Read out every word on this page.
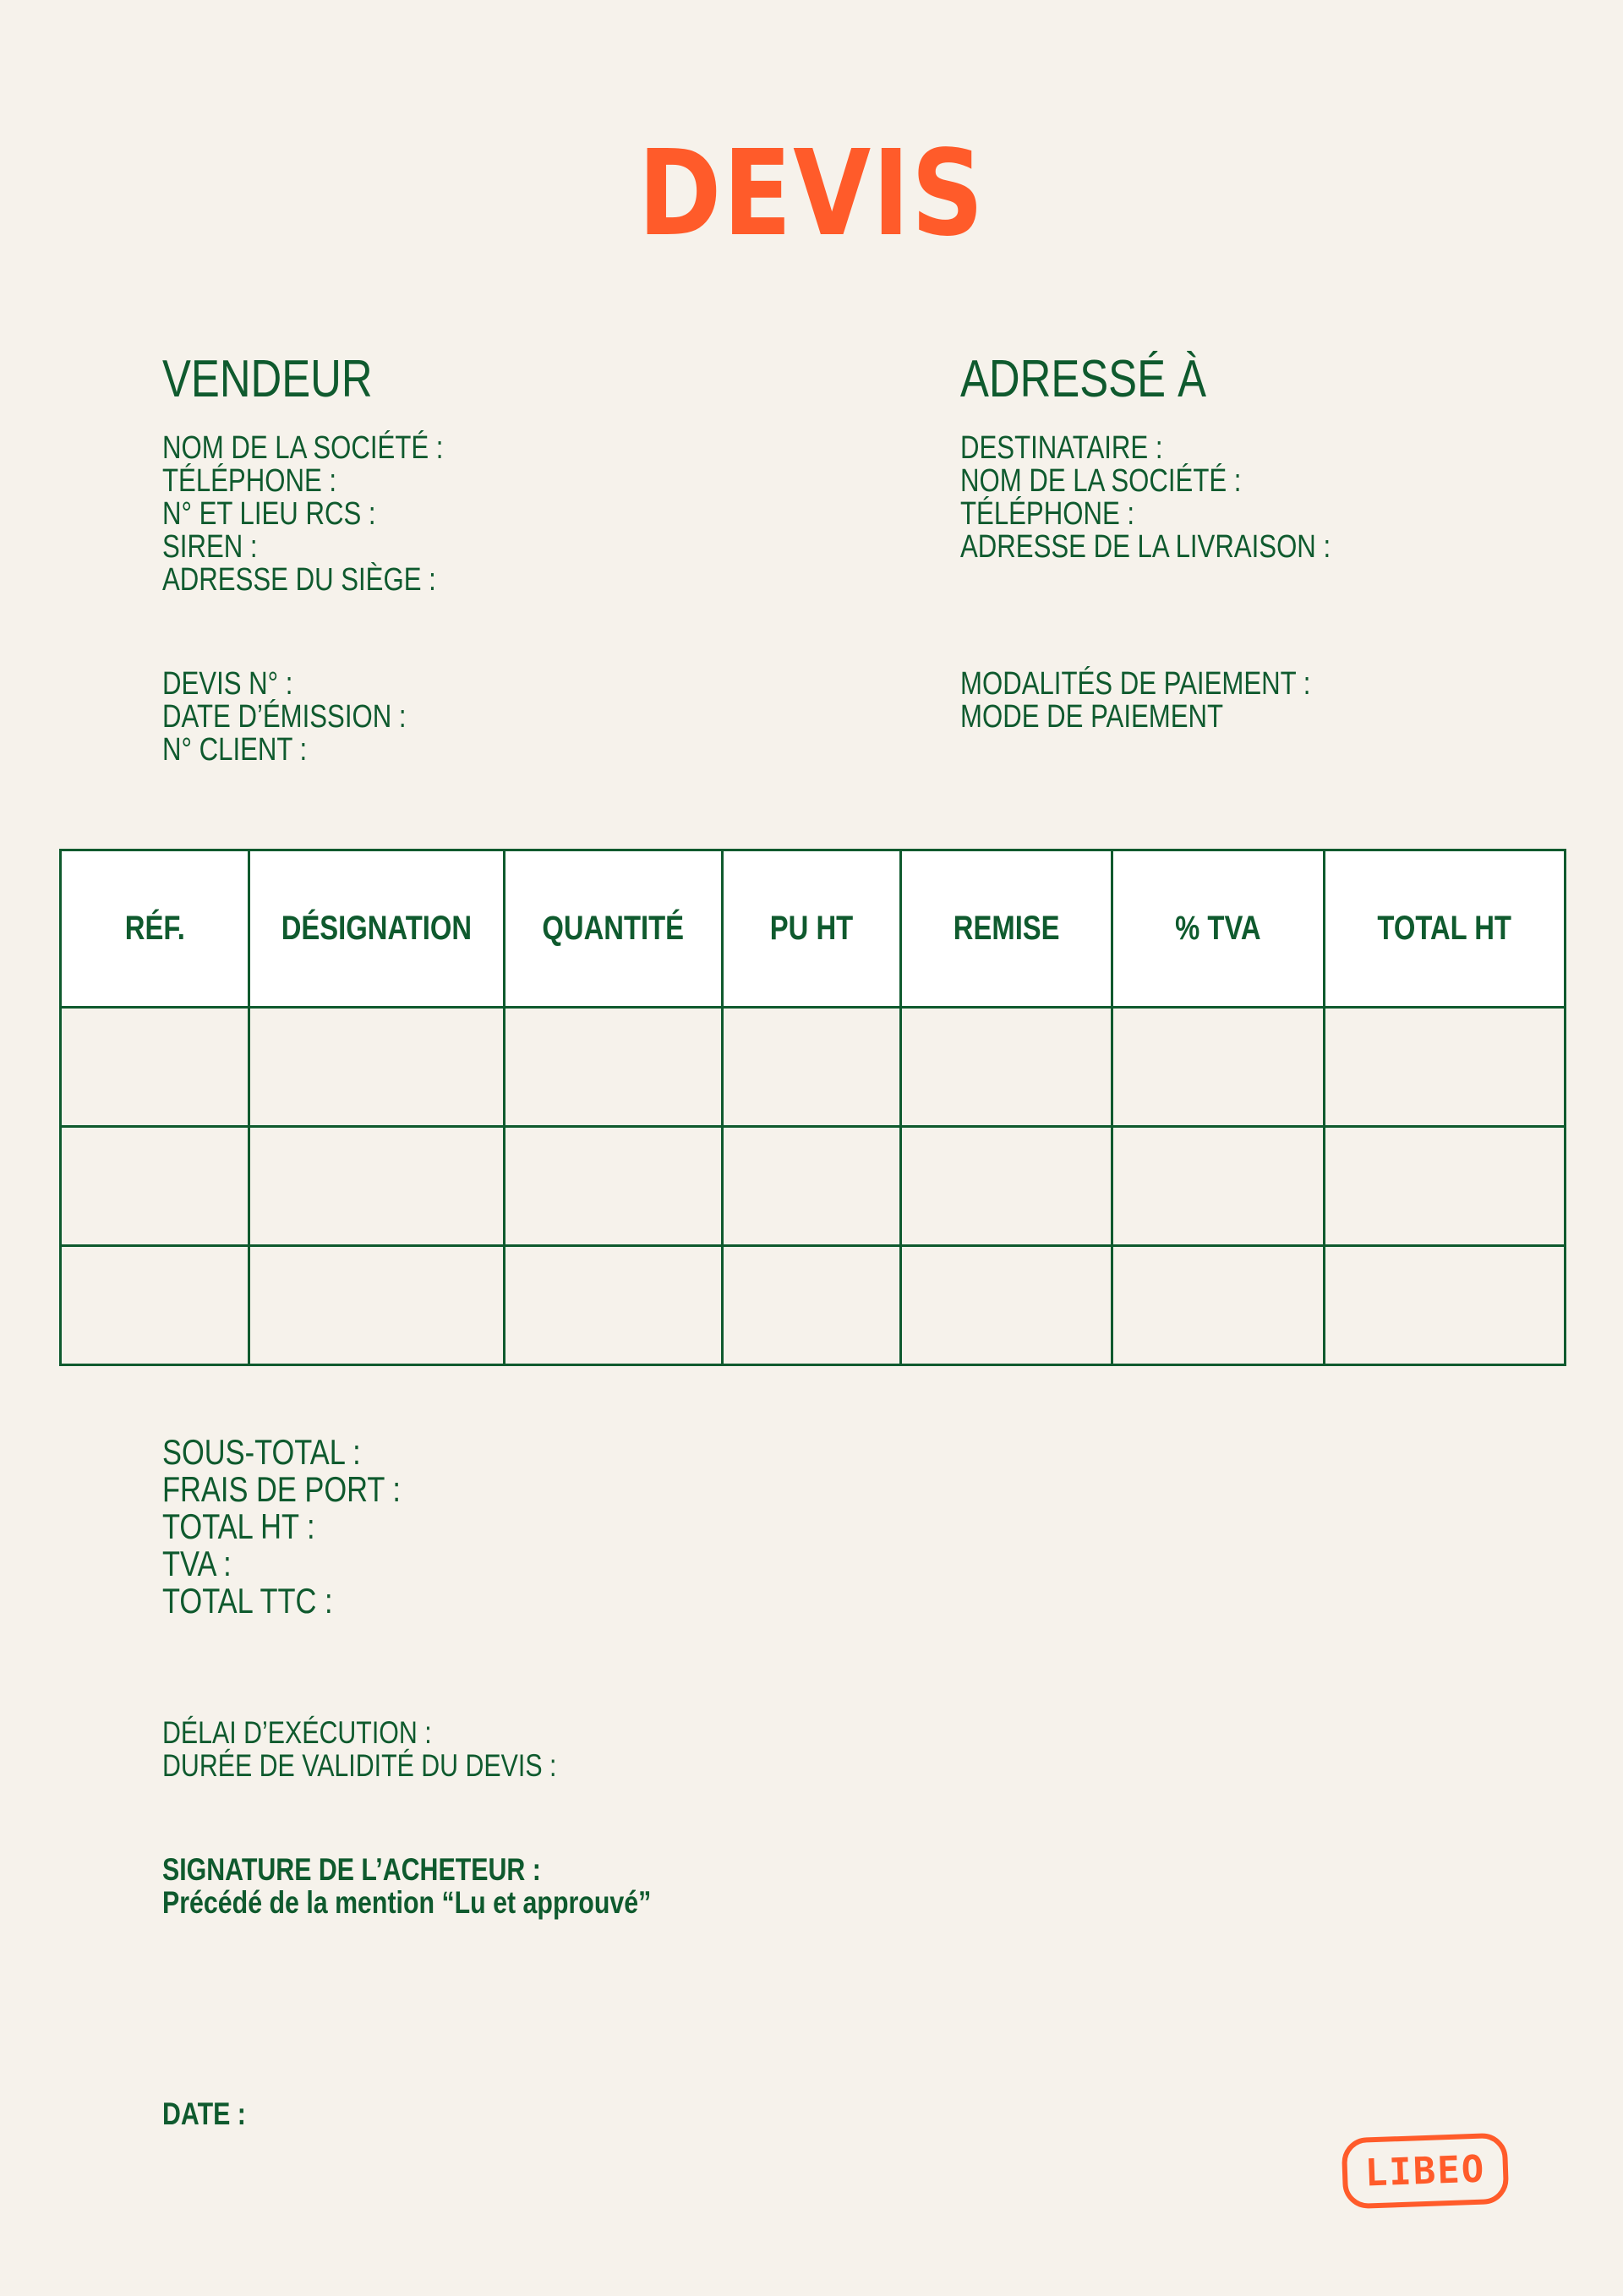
DEVIS
VENDEUR	ADRESSÉ À
NOM DE LA SOCIÉTÉ :
TÉLÉPHONE :
N° ET LIEU RCS :
SIREN :
ADRESSE DU SIÈGE :
DESTINATAIRE :
NOM DE LA SOCIÉTÉ :
TÉLÉPHONE :
ADRESSE DE LA LIVRAISON :
DEVIS N° :
DATE D’ÉMISSION :
N° CLIENT :
MODALITÉS DE PAIEMENT :
MODE DE PAIEMENT
RÉF.	DÉSIGNATION	QUANTITÉ	PU HT	REMISE	% TVA	TOTAL HT

SOUS-TOTAL :
FRAIS DE PORT :
TOTAL HT :
TVA :
TOTAL TTC :
DÉLAI D’EXÉCUTION :
DURÉE DE VALIDITÉ DU DEVIS :
SIGNATURE DE L’ACHETEUR :
Précédé de la mention “Lu et approuvé”
DATE :
LIBEO
